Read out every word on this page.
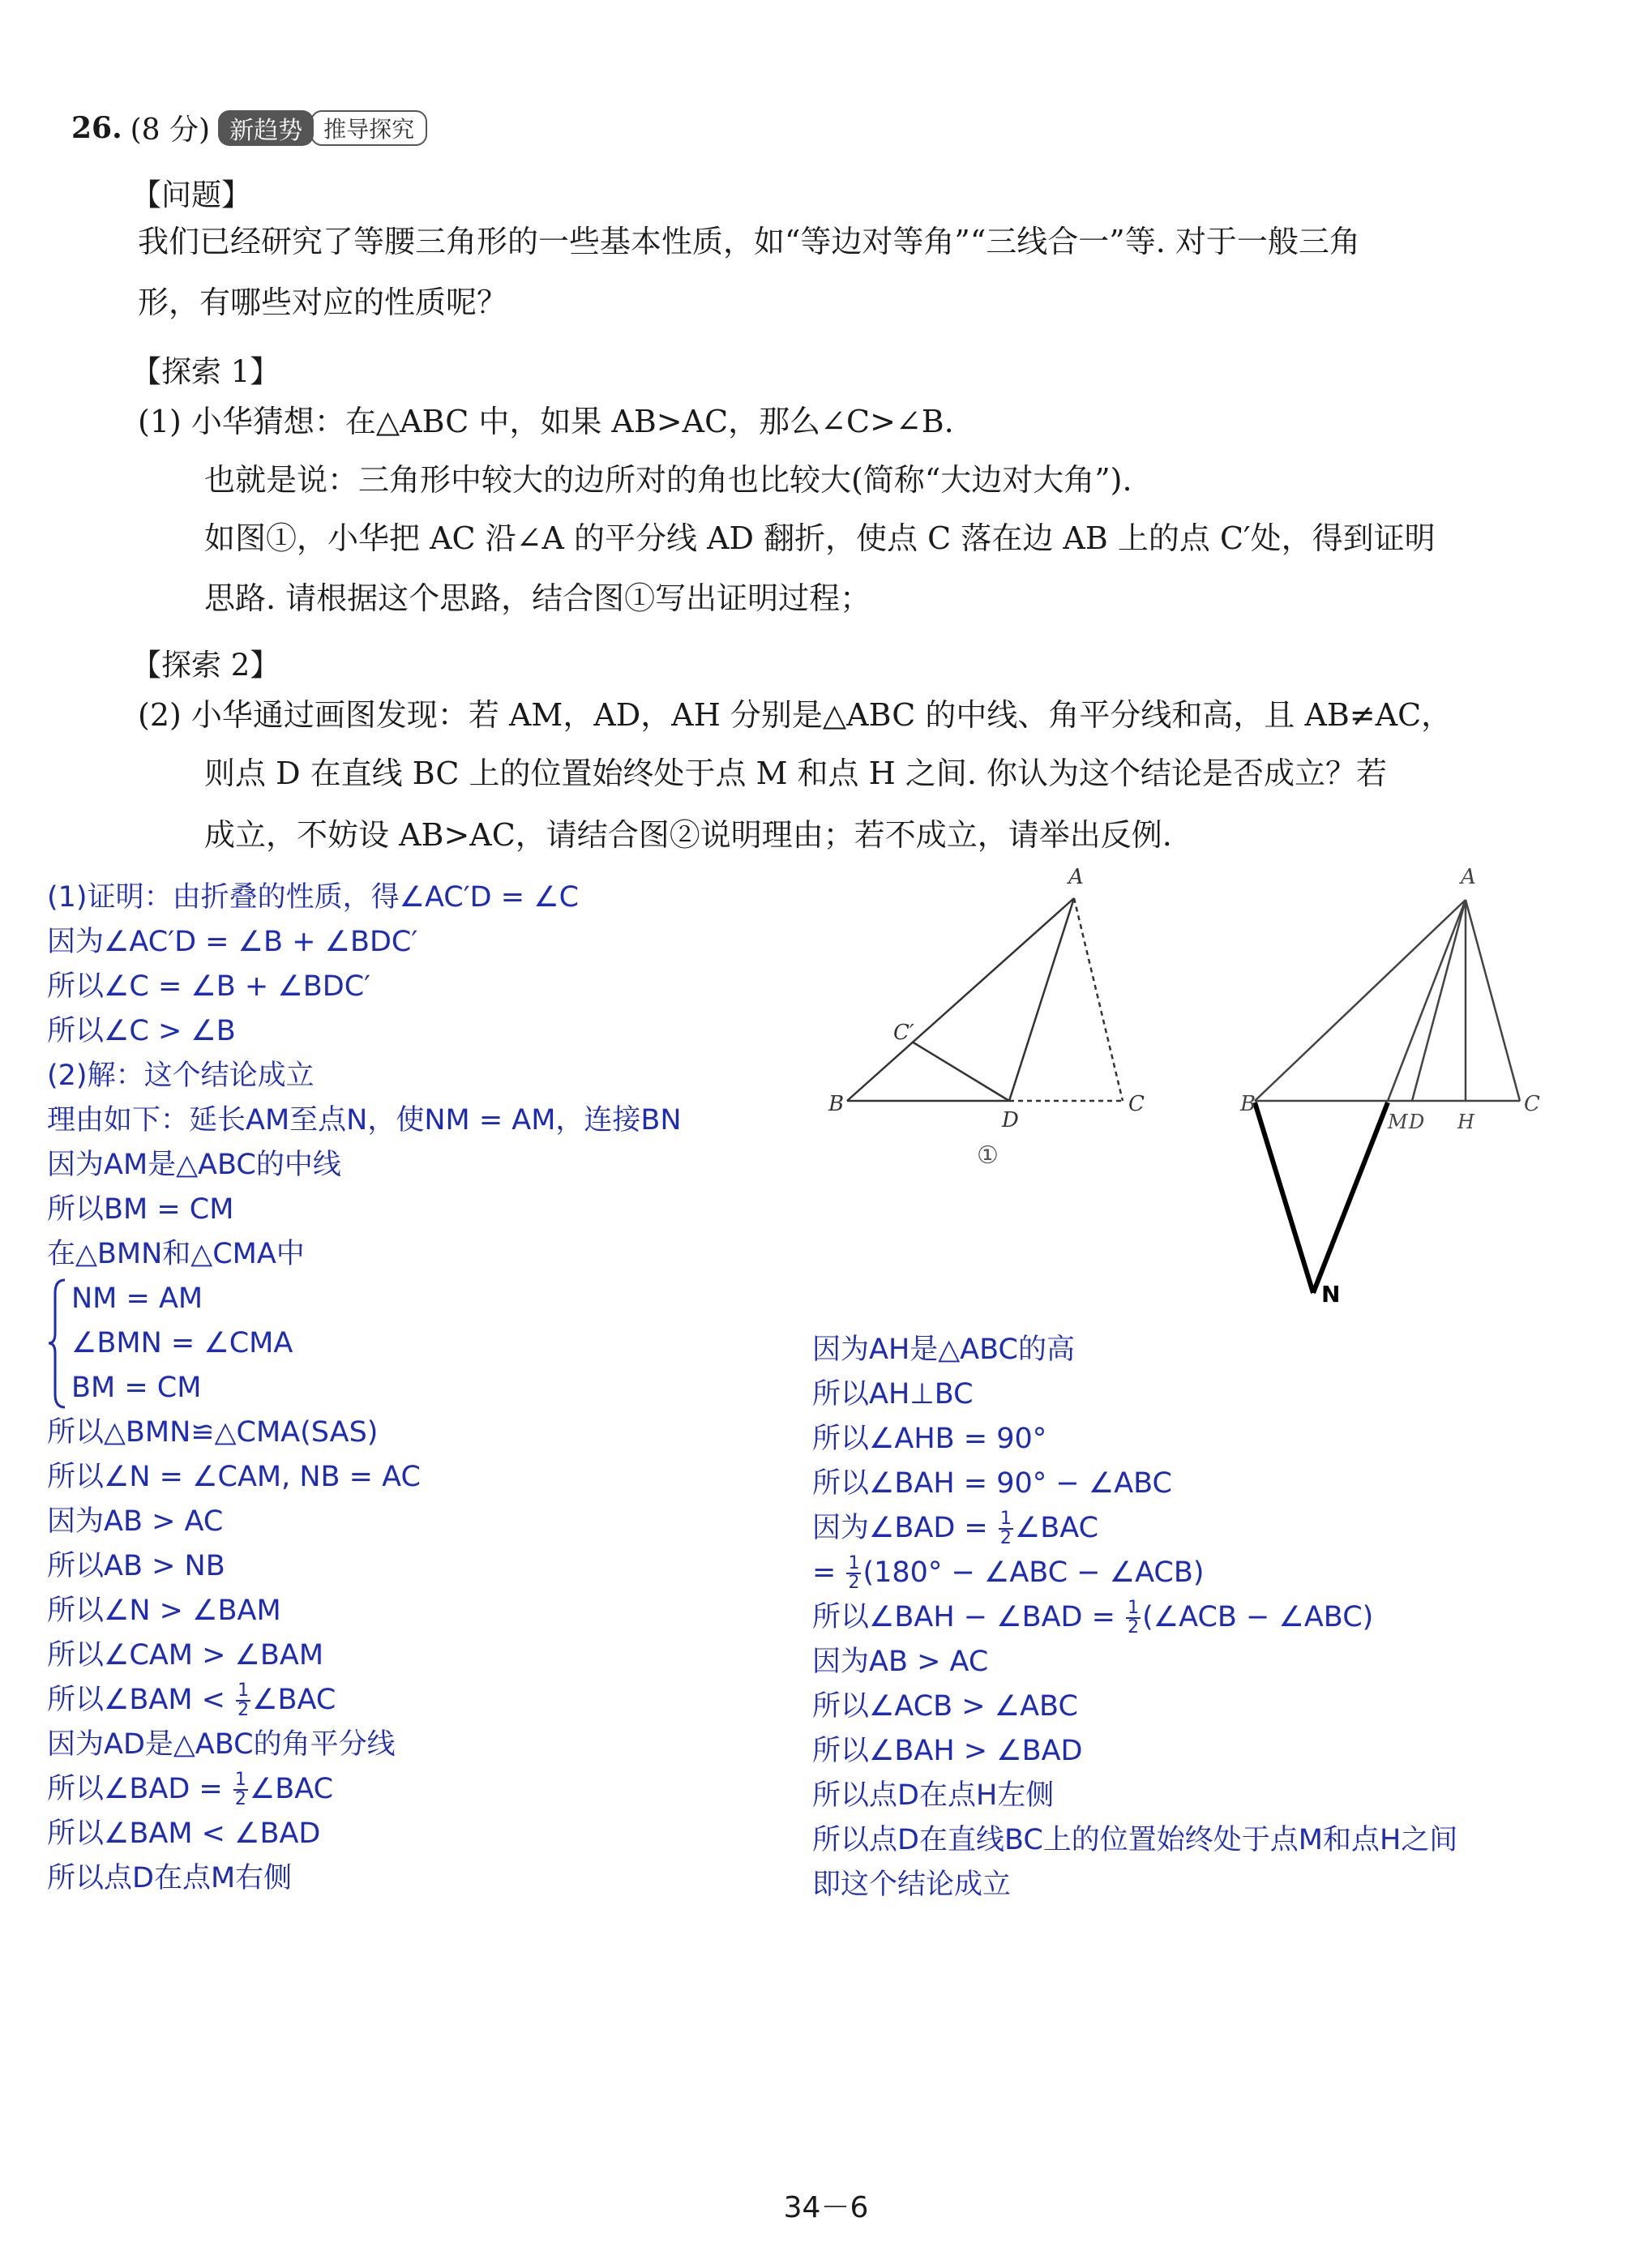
26. (8 分) 新趋势 推导探究
【问题】
我们已经研究了等腰三角形的一些基本性质，如“等边对等角”“三线合一”等. 对于一般三角
形，有哪些对应的性质呢？
【探索 1】
(1) 小华猜想：在△ABC 中，如果 AB>AC，那么∠C>∠B.
也就是说：三角形中较大的边所对的角也比较大(简称“大边对大角”).
如图①，小华把 AC 沿∠A 的平分线 AD 翻折，使点 C 落在边 AB 上的点 C′处，得到证明
思路. 请根据这个思路，结合图①写出证明过程；
【探索 2】
(2) 小华通过画图发现：若 AM，AD，AH 分别是△ABC 的中线、角平分线和高，且 AB≠AC，
则点 D 在直线 BC 上的位置始终处于点 M 和点 H 之间. 你认为这个结论是否成立？若
成立，不妨设 AB>AC，请结合图②说明理由；若不成立，请举出反例.
A
B	C
C′
D
①
A
B	C
M D H
N
(1)证明：由折叠的性质，得∠AC′D = ∠C
因为∠AC′D = ∠B + ∠BDC′
所以∠C = ∠B + ∠BDC′
所以∠C > ∠B
(2)解：这个结论成立
理由如下：延长AM至点N，使NM = AM，连接BN
因为AM是△ABC的中线
所以BM = CM
在△BMN和△CMA中
NM = AM
∠BMN = ∠CMA
BM = CM
所以△BMN≌△CMA(SAS)
所以∠N = ∠CAM, NB = AC
因为AB > AC
所以AB > NB
所以∠N > ∠BAM
所以∠CAM > ∠BAM
所以∠BAM < $\frac{1}{2}$ ∠BAC
因为AD是△ABC的角平分线
所以∠BAD = $\frac{1}{2}$ ∠BAC
所以∠BAM < ∠BAD
所以点D在点M右侧
因为AH是△ABC的高
所以AH⊥BC
所以∠AHB = 90°
所以∠BAH = 90° − ∠ABC
因为∠BAD = $\frac{1}{2}$ ∠BAC
= $\frac{1}{2} (180^\circ$ − ∠ABC − ∠ACB)
所以∠BAH − ∠BAD = $\frac{1}{2}$ (∠ACB − ∠ABC)
因为AB > AC
所以∠ACB > ∠ABC
所以∠BAH > ∠BAD
所以点D在点H左侧
所以点D在直线BC上的位置始终处于点M和点H之间
即这个结论成立
34－6
